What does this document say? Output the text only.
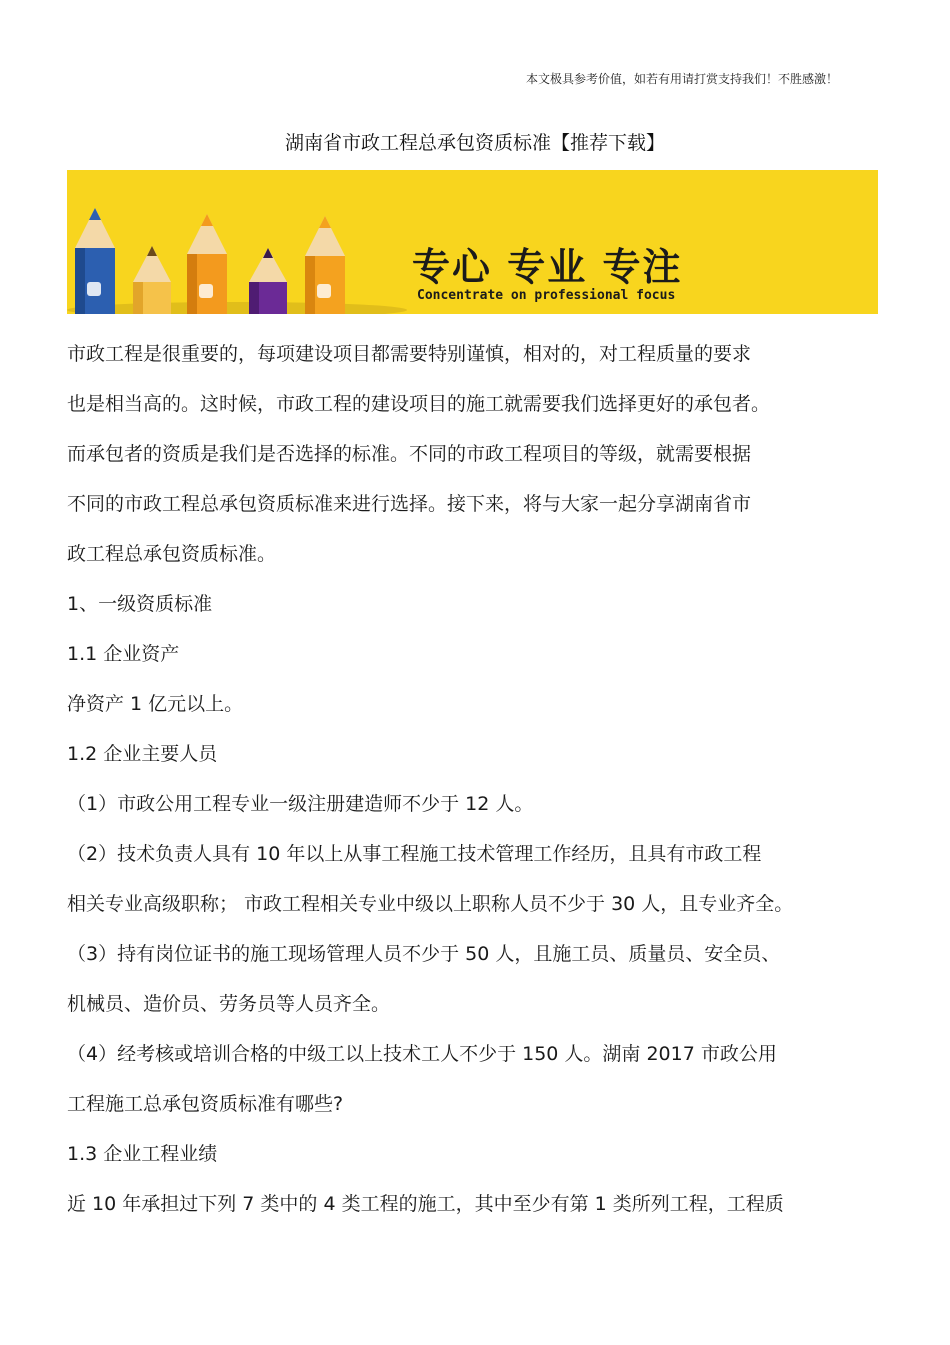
本文极具参考价值，如若有用请打赏支持我们！不胜感激！
湖南省市政工程总承包资质标准【推荐下载】
专心 专业 专注
Concentrate on professional focus
市政工程是很重要的，每项建设项目都需要特别谨慎，相对的，对工程质量的要求
也是相当高的。这时候，市政工程的建设项目的施工就需要我们选择更好的承包者。
而承包者的资质是我们是否选择的标准。不同的市政工程项目的等级，就需要根据
不同的市政工程总承包资质标准来进行选择。接下来，将与大家一起分享湖南省市
政工程总承包资质标准。
1、一级资质标准
1.1 企业资产
净资产 1 亿元以上。
1.2 企业主要人员
（1）市政公用工程专业一级注册建造师不少于 12 人。
（2）技术负责人具有 10 年以上从事工程施工技术管理工作经历，且具有市政工程
相关专业高级职称； 市政工程相关专业中级以上职称人员不少于 30 人，且专业齐全。
（3）持有岗位证书的施工现场管理人员不少于 50 人，且施工员、质量员、安全员、
机械员、造价员、劳务员等人员齐全。
（4）经考核或培训合格的中级工以上技术工人不少于 150 人。湖南 2017 市政公用
工程施工总承包资质标准有哪些?
1.3 企业工程业绩
近 10 年承担过下列 7 类中的 4 类工程的施工，其中至少有第 1 类所列工程，工程质
